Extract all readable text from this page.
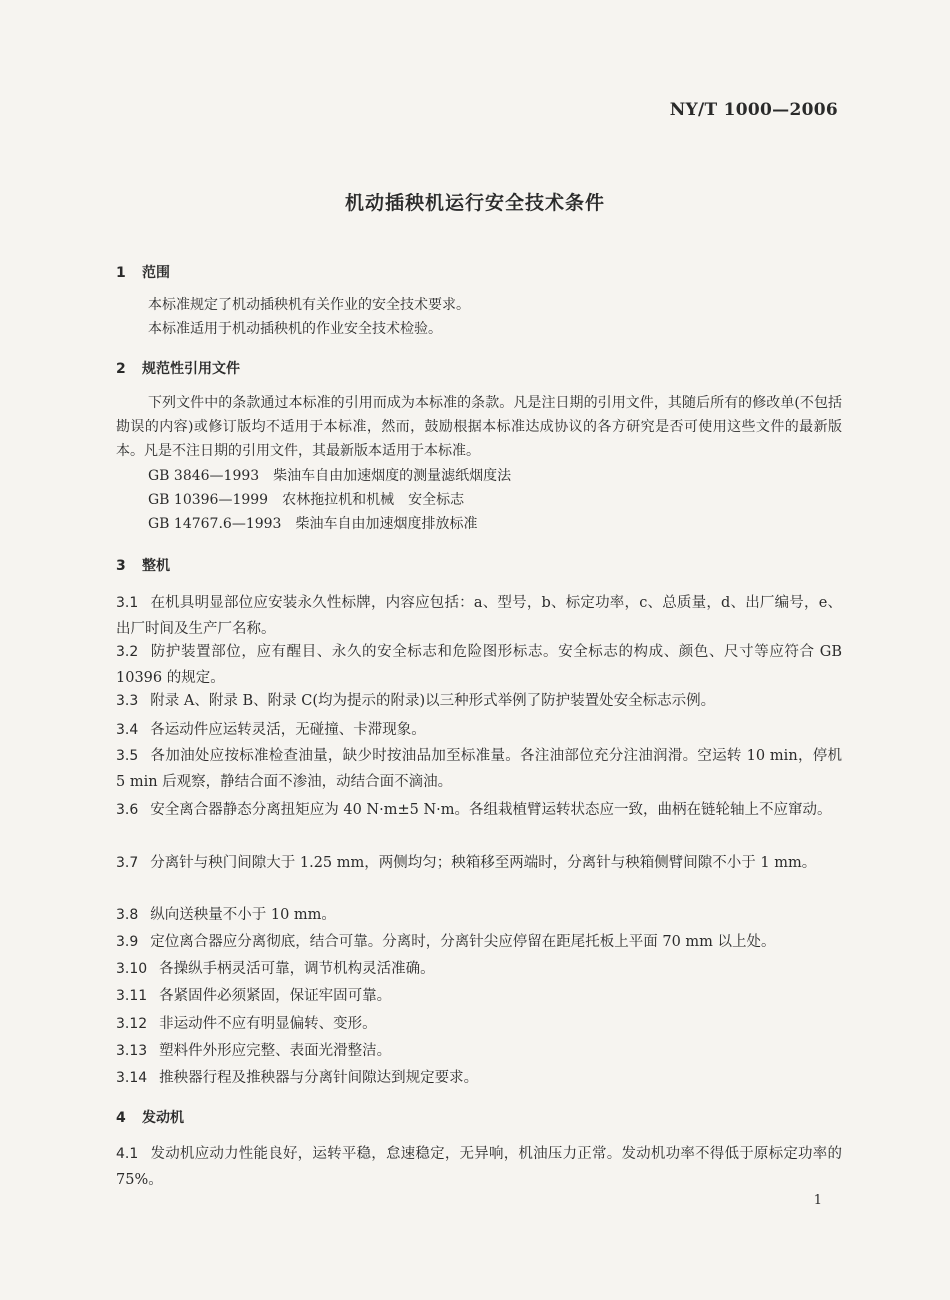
NY/T 1000—2006
机动插秧机运行安全技术条件
1 范围
本标准规定了机动插秧机有关作业的安全技术要求。
本标准适用于机动插秧机的作业安全技术检验。
2 规范性引用文件
下列文件中的条款通过本标准的引用而成为本标准的条款。凡是注日期的引用文件，其随后所有的修改单(不包括勘误的内容)或修订版均不适用于本标准，然而，鼓励根据本标准达成协议的各方研究是否可使用这些文件的最新版本。凡是不注日期的引用文件，其最新版本适用于本标准。
GB 3846—1993　柴油车自由加速烟度的测量滤纸烟度法
GB 10396—1999　农林拖拉机和机械　安全标志
GB 14767.6—1993　柴油车自由加速烟度排放标准
3 整机
3.1 在机具明显部位应安装永久性标牌，内容应包括：a、型号，b、标定功率，c、总质量，d、出厂编号，e、出厂时间及生产厂名称。
3.2 防护装置部位，应有醒目、永久的安全标志和危险图形标志。安全标志的构成、颜色、尺寸等应符合 GB 10396 的规定。
3.3 附录 A、附录 B、附录 C(均为提示的附录)以三种形式举例了防护装置处安全标志示例。
3.4 各运动件应运转灵活，无碰撞、卡滞现象。
3.5 各加油处应按标准检查油量，缺少时按油品加至标准量。各注油部位充分注油润滑。空运转 10 min，停机 5 min 后观察，静结合面不渗油，动结合面不滴油。
3.6 安全离合器静态分离扭矩应为 40 N·m±5 N·m。各组栽植臂运转状态应一致，曲柄在链轮轴上不应窜动。
3.7 分离针与秧门间隙大于 1.25 mm，两侧均匀；秧箱移至两端时，分离针与秧箱侧臂间隙不小于 1 mm。
3.8 纵向送秧量不小于 10 mm。
3.9 定位离合器应分离彻底，结合可靠。分离时，分离针尖应停留在距尾托板上平面 70 mm 以上处。
3.10 各操纵手柄灵活可靠，调节机构灵活准确。
3.11 各紧固件必须紧固，保证牢固可靠。
3.12 非运动件不应有明显偏转、变形。
3.13 塑料件外形应完整、表面光滑整洁。
3.14 推秧器行程及推秧器与分离针间隙达到规定要求。
4 发动机
4.1 发动机应动力性能良好，运转平稳，怠速稳定，无异响，机油压力正常。发动机功率不得低于原标定功率的 75%。
1
